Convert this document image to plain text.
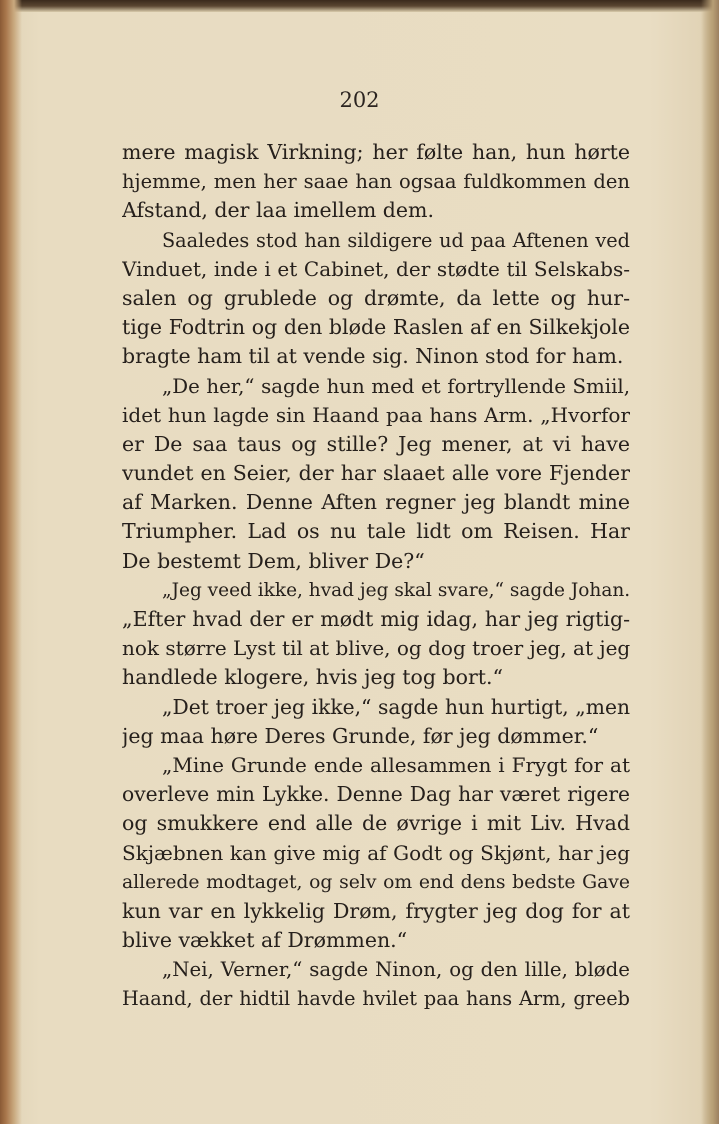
202
mere magisk Virkning; her følte han, hun hørte
hjemme, men her saae han ogsaa fuldkommen den
Afstand, der laa imellem dem.
Saaledes stod han sildigere ud paa Aftenen ved
Vinduet, inde i et Cabinet, der stødte til Selskabs-
salen og grublede og drømte, da lette og hur-
tige Fodtrin og den bløde Raslen af en Silkekjole
bragte ham til at vende sig. Ninon stod for ham.
„De her,“ sagde hun med et fortryllende Smiil,
idet hun lagde sin Haand paa hans Arm. „Hvorfor
er De saa taus og stille? Jeg mener, at vi have
vundet en Seier, der har slaaet alle vore Fjender
af Marken. Denne Aften regner jeg blandt mine
Triumpher. Lad os nu tale lidt om Reisen. Har
De bestemt Dem, bliver De?“
„Jeg veed ikke, hvad jeg skal svare,“ sagde Johan.
„Efter hvad der er mødt mig idag, har jeg rigtig-
nok større Lyst til at blive, og dog troer jeg, at jeg
handlede klogere, hvis jeg tog bort.“
„Det troer jeg ikke,“ sagde hun hurtigt, „men
jeg maa høre Deres Grunde, før jeg dømmer.“
„Mine Grunde ende allesammen i Frygt for at
overleve min Lykke. Denne Dag har været rigere
og smukkere end alle de øvrige i mit Liv. Hvad
Skjæbnen kan give mig af Godt og Skjønt, har jeg
allerede modtaget, og selv om end dens bedste Gave
kun var en lykkelig Drøm, frygter jeg dog for at
blive vækket af Drømmen.“
„Nei, Verner,“ sagde Ninon, og den lille, bløde
Haand, der hidtil havde hvilet paa hans Arm, greeb
